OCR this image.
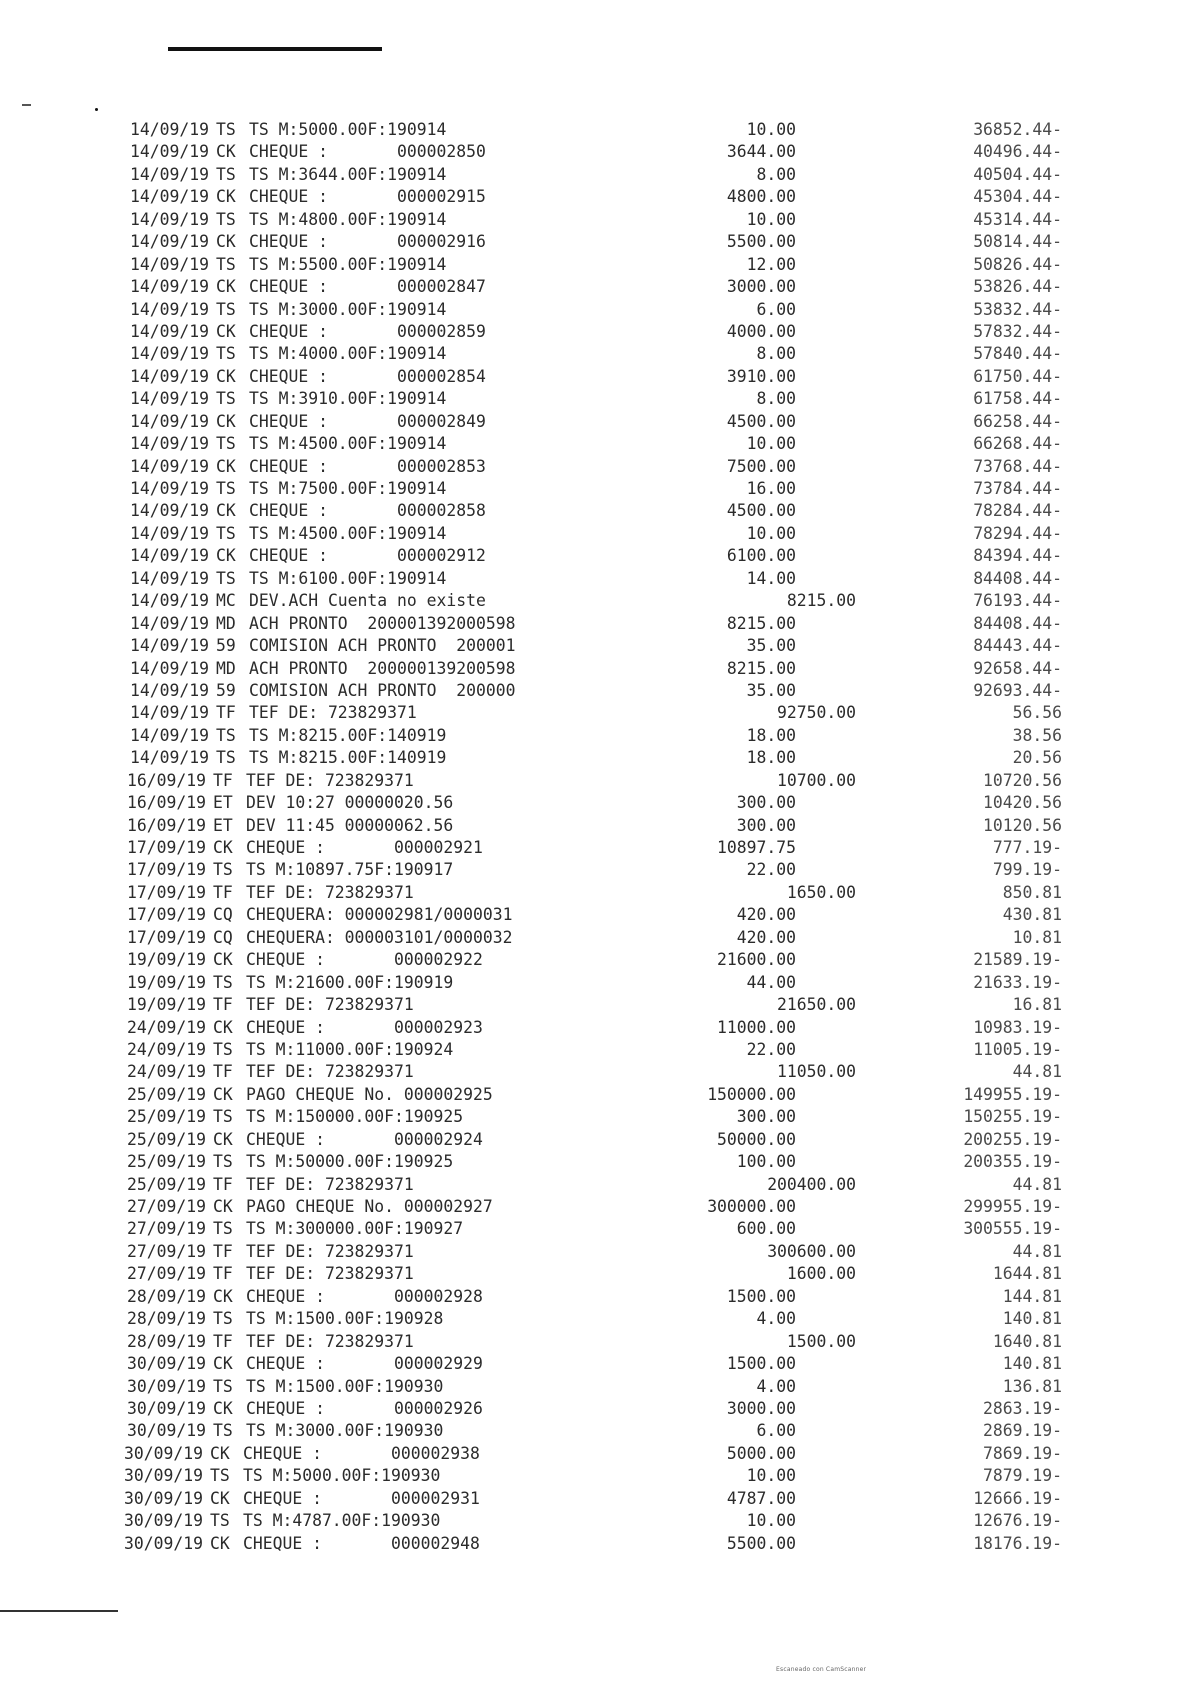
14/09/19 TS TS M:5000.00F:190914	10.00	36852.44-
14/09/19 CK CHEQUE :       000002850	3644.00	40496.44-
14/09/19 TS TS M:3644.00F:190914	8.00	40504.44-
14/09/19 CK CHEQUE :       000002915	4800.00	45304.44-
14/09/19 TS TS M:4800.00F:190914	10.00	45314.44-
14/09/19 CK CHEQUE :       000002916	5500.00	50814.44-
14/09/19 TS TS M:5500.00F:190914	12.00	50826.44-
14/09/19 CK CHEQUE :       000002847	3000.00	53826.44-
14/09/19 TS TS M:3000.00F:190914	6.00	53832.44-
14/09/19 CK CHEQUE :       000002859	4000.00	57832.44-
14/09/19 TS TS M:4000.00F:190914	8.00	57840.44-
14/09/19 CK CHEQUE :       000002854	3910.00	61750.44-
14/09/19 TS TS M:3910.00F:190914	8.00	61758.44-
14/09/19 CK CHEQUE :       000002849	4500.00	66258.44-
14/09/19 TS TS M:4500.00F:190914	10.00	66268.44-
14/09/19 CK CHEQUE :       000002853	7500.00	73768.44-
14/09/19 TS TS M:7500.00F:190914	16.00	73784.44-
14/09/19 CK CHEQUE :       000002858	4500.00	78284.44-
14/09/19 TS TS M:4500.00F:190914	10.00	78294.44-
14/09/19 CK CHEQUE :       000002912	6100.00	84394.44-
14/09/19 TS TS M:6100.00F:190914	14.00	84408.44-
14/09/19 MC DEV.ACH Cuenta no existe	8215.00	76193.44-
14/09/19 MD ACH PRONTO  200001392000598	8215.00	84408.44-
14/09/19 59 COMISION ACH PRONTO  200001	35.00	84443.44-
14/09/19 MD ACH PRONTO  200000139200598	8215.00	92658.44-
14/09/19 59 COMISION ACH PRONTO  200000	35.00	92693.44-
14/09/19 TF TEF DE: 723829371	92750.00	56.56
14/09/19 TS TS M:8215.00F:140919	18.00	38.56
14/09/19 TS TS M:8215.00F:140919	18.00	20.56
16/09/19 TF TEF DE: 723829371	10700.00	10720.56
16/09/19 ET DEV 10:27 00000020.56	300.00	10420.56
16/09/19 ET DEV 11:45 00000062.56	300.00	10120.56
17/09/19 CK CHEQUE :       000002921	10897.75	777.19-
17/09/19 TS TS M:10897.75F:190917	22.00	799.19-
17/09/19 TF TEF DE: 723829371	1650.00	850.81
17/09/19 CQ CHEQUERA: 000002981/0000031	420.00	430.81
17/09/19 CQ CHEQUERA: 000003101/0000032	420.00	10.81
19/09/19 CK CHEQUE :       000002922	21600.00	21589.19-
19/09/19 TS TS M:21600.00F:190919	44.00	21633.19-
19/09/19 TF TEF DE: 723829371	21650.00	16.81
24/09/19 CK CHEQUE :       000002923	11000.00	10983.19-
24/09/19 TS TS M:11000.00F:190924	22.00	11005.19-
24/09/19 TF TEF DE: 723829371	11050.00	44.81
25/09/19 CK PAGO CHEQUE No. 000002925	150000.00	149955.19-
25/09/19 TS TS M:150000.00F:190925	300.00	150255.19-
25/09/19 CK CHEQUE :       000002924	50000.00	200255.19-
25/09/19 TS TS M:50000.00F:190925	100.00	200355.19-
25/09/19 TF TEF DE: 723829371	200400.00	44.81
27/09/19 CK PAGO CHEQUE No. 000002927	300000.00	299955.19-
27/09/19 TS TS M:300000.00F:190927	600.00	300555.19-
27/09/19 TF TEF DE: 723829371	300600.00	44.81
27/09/19 TF TEF DE: 723829371	1600.00	1644.81
28/09/19 CK CHEQUE :       000002928	1500.00	144.81
28/09/19 TS TS M:1500.00F:190928	4.00	140.81
28/09/19 TF TEF DE: 723829371	1500.00	1640.81
30/09/19 CK CHEQUE :       000002929	1500.00	140.81
30/09/19 TS TS M:1500.00F:190930	4.00	136.81
30/09/19 CK CHEQUE :       000002926	3000.00	2863.19-
30/09/19 TS TS M:3000.00F:190930	6.00	2869.19-
30/09/19 CK CHEQUE :       000002938	5000.00	7869.19-
30/09/19 TS TS M:5000.00F:190930	10.00	7879.19-
30/09/19 CK CHEQUE :       000002931	4787.00	12666.19-
30/09/19 TS TS M:4787.00F:190930	10.00	12676.19-
30/09/19 CK CHEQUE :       000002948	5500.00	18176.19-
Escaneado con CamScanner
